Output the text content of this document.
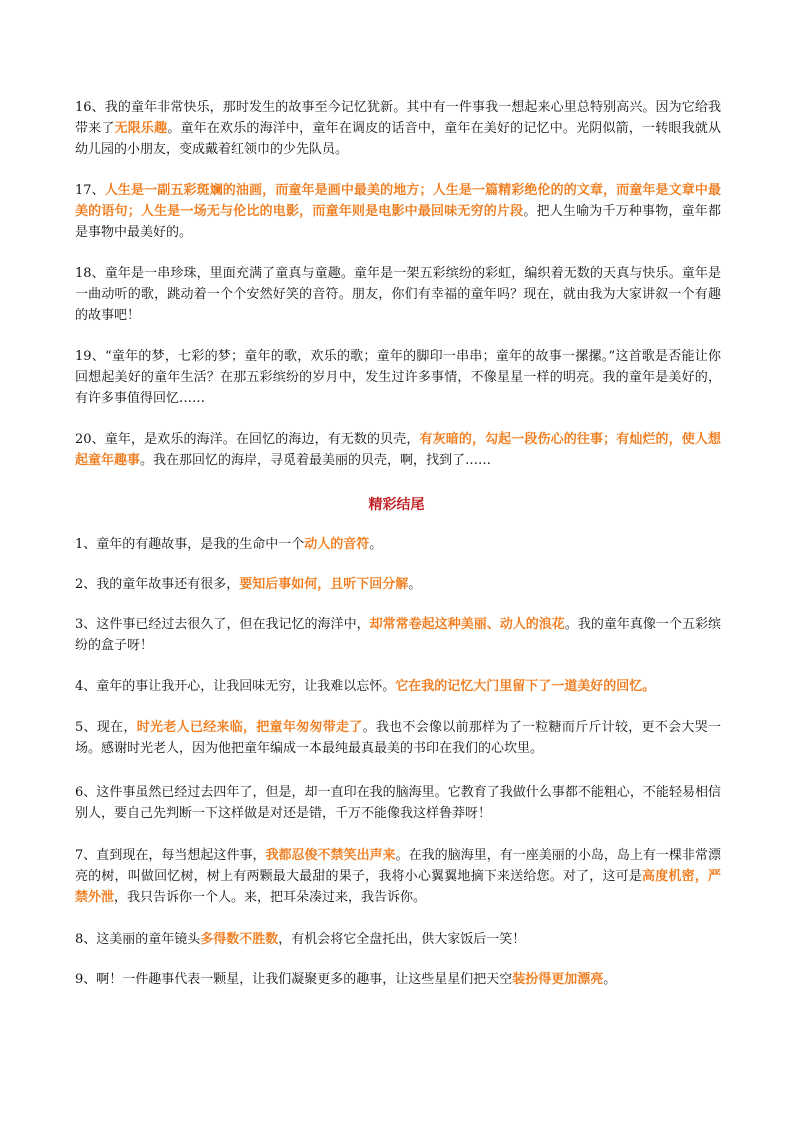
16、我的童年非常快乐，那时发生的故事至今记忆犹新。其中有一件事我一想起来心里总特别高兴。因为它给我带来了无限乐趣。童年在欢乐的海洋中，童年在调皮的话音中，童年在美好的记忆中。光阴似箭，一转眼我就从幼儿园的小朋友，变成戴着红领巾的少先队员。

17、人生是一副五彩斑斓的油画，而童年是画中最美的地方；人生是一篇精彩绝伦的的文章，而童年是文章中最美的语句；人生是一场无与伦比的电影，而童年则是电影中最回味无穷的片段。把人生喻为千万种事物，童年都是事物中最美好的。

18、童年是一串珍珠，里面充满了童真与童趣。童年是一架五彩缤纷的彩虹，编织着无数的天真与快乐。童年是一曲动听的歌，跳动着一个个安然好笑的音符。朋友，你们有幸福的童年吗？现在，就由我为大家讲叙一个有趣的故事吧！

19、“童年的梦，七彩的梦；童年的歌，欢乐的歌；童年的脚印一串串；童年的故事一摞摞。”这首歌是否能让你回想起美好的童年生活？在那五彩缤纷的岁月中，发生过许多事情，不像星星一样的明亮。我的童年是美好的，有许多事值得回忆……

20、童年，是欢乐的海洋。在回忆的海边，有无数的贝壳，有灰暗的，勾起一段伤心的往事；有灿烂的，使人想起童年趣事。我在那回忆的海岸，寻觅着最美丽的贝壳，啊，找到了……

精彩结尾

1、童年的有趣故事，是我的生命中一个动人的音符。

2、我的童年故事还有很多，要知后事如何，且听下回分解。

3、这件事已经过去很久了，但在我记忆的海洋中，却常常卷起这种美丽、动人的浪花。我的童年真像一个五彩缤纷的盒子呀！

4、童年的事让我开心，让我回味无穷，让我难以忘怀。它在我的记忆大门里留下了一道美好的回忆。

5、现在，时光老人已经来临，把童年匆匆带走了。我也不会像以前那样为了一粒糖而斤斤计较，更不会大哭一场。感谢时光老人，因为他把童年编成一本最纯最真最美的书印在我们的心坎里。

6、这件事虽然已经过去四年了，但是，却一直印在我的脑海里。它教育了我做什么事都不能粗心，不能轻易相信别人，要自己先判断一下这样做是对还是错，千万不能像我这样鲁莽呀！

7、直到现在，每当想起这件事，我都忍俊不禁笑出声来。在我的脑海里，有一座美丽的小岛，岛上有一棵非常漂亮的树，叫做回忆树，树上有两颗最大最甜的果子，我将小心翼翼地摘下来送给您。对了，这可是高度机密，严禁外泄，我只告诉你一个人。来，把耳朵凑过来，我告诉你。

8、这美丽的童年镜头多得数不胜数，有机会将它全盘托出，供大家饭后一笑！

9、啊！一件趣事代表一颗星，让我们凝聚更多的趣事，让这些星星们把天空装扮得更加漂亮。
